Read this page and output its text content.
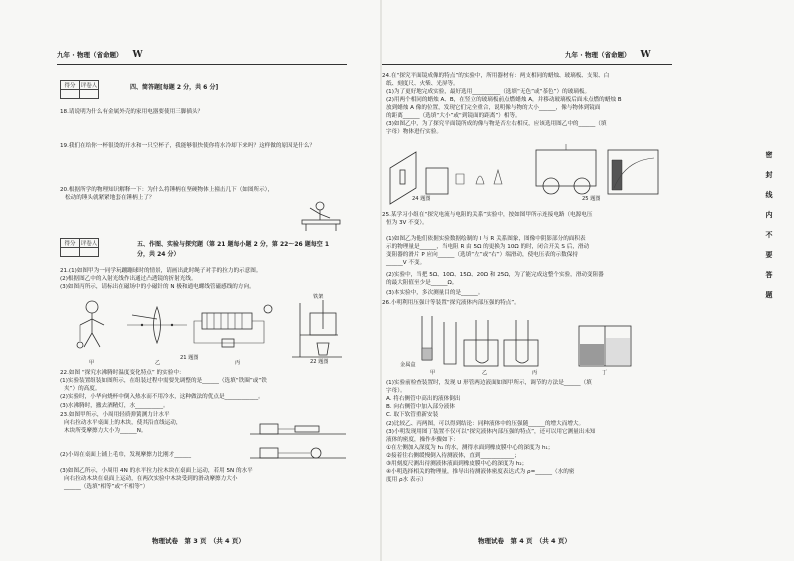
九年 · 物理（省命题） W
得分	评卷人
		四、简答题[每题 2 分，共 6 分]
18.请说明为什么有金属外壳的家用电器要使用三脚插头？
19.我们在给你一杯很烫的开水和一只空杯子，我能够很快使你将水冷却下来吗？这样做的原因是什么？
20.根据所学的物理知识解释一下：为什么将锤柄在坚硬物体上撞击几下（如图所示），
松动的锤头就紧紧地套在锤柄上了？
得分	评卷人
		五、作图、实验与探究题（第 21 题每小题 2 分，第 22～26 题每空 1
分，共 24 分）
21.(1)如图甲为一同学玩蹦蹦球时的情景，请画出此时绳子对手的拉力的示意图。
(2)根据图乙中的入射光线作出通过凸透镜的折射光线。
(3)如图丙所示，请标出在磁场中的小磁针的 N 极和通电螺线管磁感线的方向。
铁架
甲	乙	丙
21 题图
22 题图
22.如图 “探究水沸腾时温度变化特点” 的实验中：
(1)实验装置组装如图所示，在组装过程中需要先调整的是______（选填“铁圈”或“铁
夹”）的高度。
(2)实验时，小华向烧杯中倒入热水而不用冷水，这种做法的优点是____________。
(3)水沸腾时，撤去酒精灯，水__________。
23.如图甲所示，小周用轻质弹簧测力计水平
向右拉动水平桌面上的木块，使其沿直线运动，
木块所受摩擦力大小为______N。
(2)小周在桌面上铺上毛巾，发现摩擦力比刚才______
(3)如图乙所示，小周用 4N 的水平拉力拉木块在桌面上运动，若用 5N 的水平
向右拉动木块在桌面上运动，在两次实验中木块受到的滑动摩擦力大小
______（选填“相等”或“不相等”）
物理试卷　第 3 页　（共 4 页）
九年 · 物理（省命题） W
24.在“探究平面镜成像的特点”的实验中，所用器材有：两支相同的蜡烛、玻璃板、支架、白
纸、刻度尺、火柴、光屏等。
(1)为了更好地完成实验，最好选用__________（选填“无色”或“茶色”）的玻璃板。
(2)用两个相同的蜡烛 A、B，在竖立的玻璃板前点燃蜡烛 A，并移动玻璃板后面未点燃的蜡烛 B
放到蜡烛 A 像的位置，发现它们完全重合，说明像与物的大小______，像与物体到镜面
的距离______（选填“大小”或“到镜面的距离”）相等。
(3)如图乙中，为了探究平面镜所成的像与物是否左右相反，应该选用图乙中的______（填
字母）物体进行实验。
24 题图	25 题图
25.某学习小组在“探究电流与电阻的关系”实验中，按如图甲所示连接电路（电源电压
恒为 3V 不变）。
(1)如图乙为他们依据实验数据绘制的 I 与 R 关系图象，图像中阴影部分的面积表
示的物理量是______，当电阻 R 由 5Ω 的更换为 10Ω 的时，闭合开关 S 后，滑动
变阻器的滑片 P 应向______（选填“左”或“右”）端滑动，使电压表的示数保持
______V 不变。
(2)实验中，当把 5Ω、10Ω、15Ω、20Ω 和 25Ω，为了能完成这整个实验，滑动变阻器
的最大阻值至少是______Ω。
(3)本实验中，多次测量目的是______。
26.小明利用压强计等装置“探究液体内部压强的特点”。
金属盒
甲	乙	丙	丁
(1)实验前检查装置时，发现 U 形管两边液面如图甲所示，调节的方法是______（填
字母）。
A. 将右侧管中高出的液体倒出
B. 向右侧管中加入部分液体
C. 取下软管重新安装
(2)比较乙、丙两图，可以得到结论：同种液体中的压强随______的增大而增大。
(3)小明发现用图丁装置不仅可以“探究液体内部压强的特点”，还可以用它测量出未知
液体的密度，操作步骤如下：
①在左侧加入深度为 h₁ 的水，测得水面到橡皮膜中心的深度为 h₁；
②接着往右侧缓慢倒入待测液体，直到____________；
③用刻度尺测出待测液体液面到橡皮膜中心的深度为 h₂；
④小明选择相关的物理量，推导出待测液体密度表达式为 ρ=______（水的密
度用 ρ水 表示）
物理试卷　第 4 页　（共 4 页）
密
封
线
内
不
要
答
题
